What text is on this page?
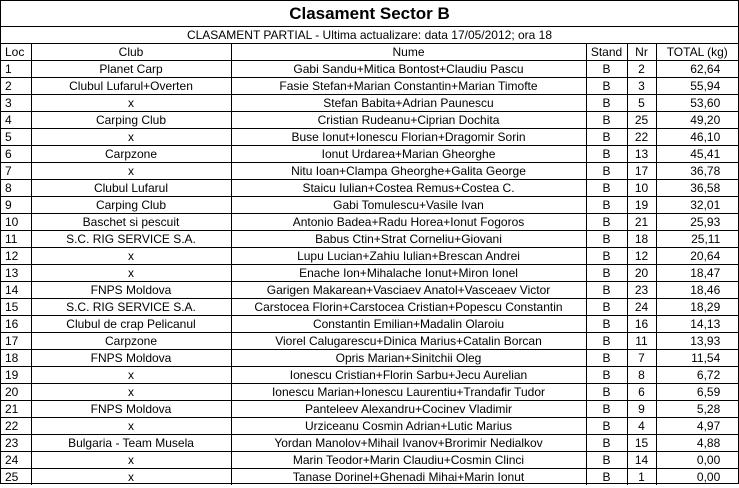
Clasament Sector B
CLASAMENT PARTIAL - Ultima actualizare: data 17/05/2012; ora 18
Loc	Club	Nume	Stand	Nr	TOTAL (kg)
1	Planet Carp	Gabi Sandu+Mitica Bontost+Claudiu Pascu	B	2	62,64
2	Clubul Lufarul+Overten	Fasie Stefan+Marian Constantin+Marian Timofte	B	3	55,94
3	x	Stefan Babita+Adrian Paunescu	B	5	53,60
4	Carping Club	Cristian Rudeanu+Ciprian Dochita	B	25	49,20
5	x	Buse Ionut+Ionescu Florian+Dragomir Sorin	B	22	46,10
6	Carpzone	Ionut Urdarea+Marian Gheorghe	B	13	45,41
7	x	Nitu Ioan+Clampa Gheorghe+Galita George	B	17	36,78
8	Clubul Lufarul	Staicu Iulian+Costea Remus+Costea C.	B	10	36,58
9	Carping Club	Gabi Tomulescu+Vasile Ivan	B	19	32,01
10	Baschet si pescuit	Antonio Badea+Radu Horea+Ionut Fogoros	B	21	25,93
11	S.C. RIG SERVICE S.A.	Babus Ctin+Strat Corneliu+Giovani	B	18	25,11
12	x	Lupu Lucian+Zahiu Iulian+Brescan Andrei	B	12	20,64
13	x	Enache Ion+Mihalache Ionut+Miron Ionel	B	20	18,47
14	FNPS Moldova	Garigen Makarean+Vasciaev Anatol+Vasceaev Victor	B	23	18,46
15	S.C. RIG SERVICE S.A.	Carstocea Florin+Carstocea Cristian+Popescu Constantin	B	24	18,29
16	Clubul de crap Pelicanul	Constantin Emilian+Madalin Olaroiu	B	16	14,13
17	Carpzone	Viorel Calugarescu+Dinica Marius+Catalin Borcan	B	11	13,93
18	FNPS Moldova	Opris Marian+Sinitchii Oleg	B	7	11,54
19	x	Ionescu Cristian+Florin Sarbu+Jecu Aurelian	B	8	6,72
20	x	Ionescu Marian+Ionescu Laurentiu+Trandafir Tudor	B	6	6,59
21	FNPS Moldova	Panteleev Alexandru+Cocinev Vladimir	B	9	5,28
22	x	Urziceanu Cosmin Adrian+Lutic Marius	B	4	4,97
23	Bulgaria - Team Musela	Yordan Manolov+Mihail Ivanov+Brorimir Nedialkov	B	15	4,88
24	x	Marin Teodor+Marin Claudiu+Cosmin Clinci	B	14	0,00
25	x	Tanase Dorinel+Ghenadi Mihai+Marin Ionut	B	1	0,00
